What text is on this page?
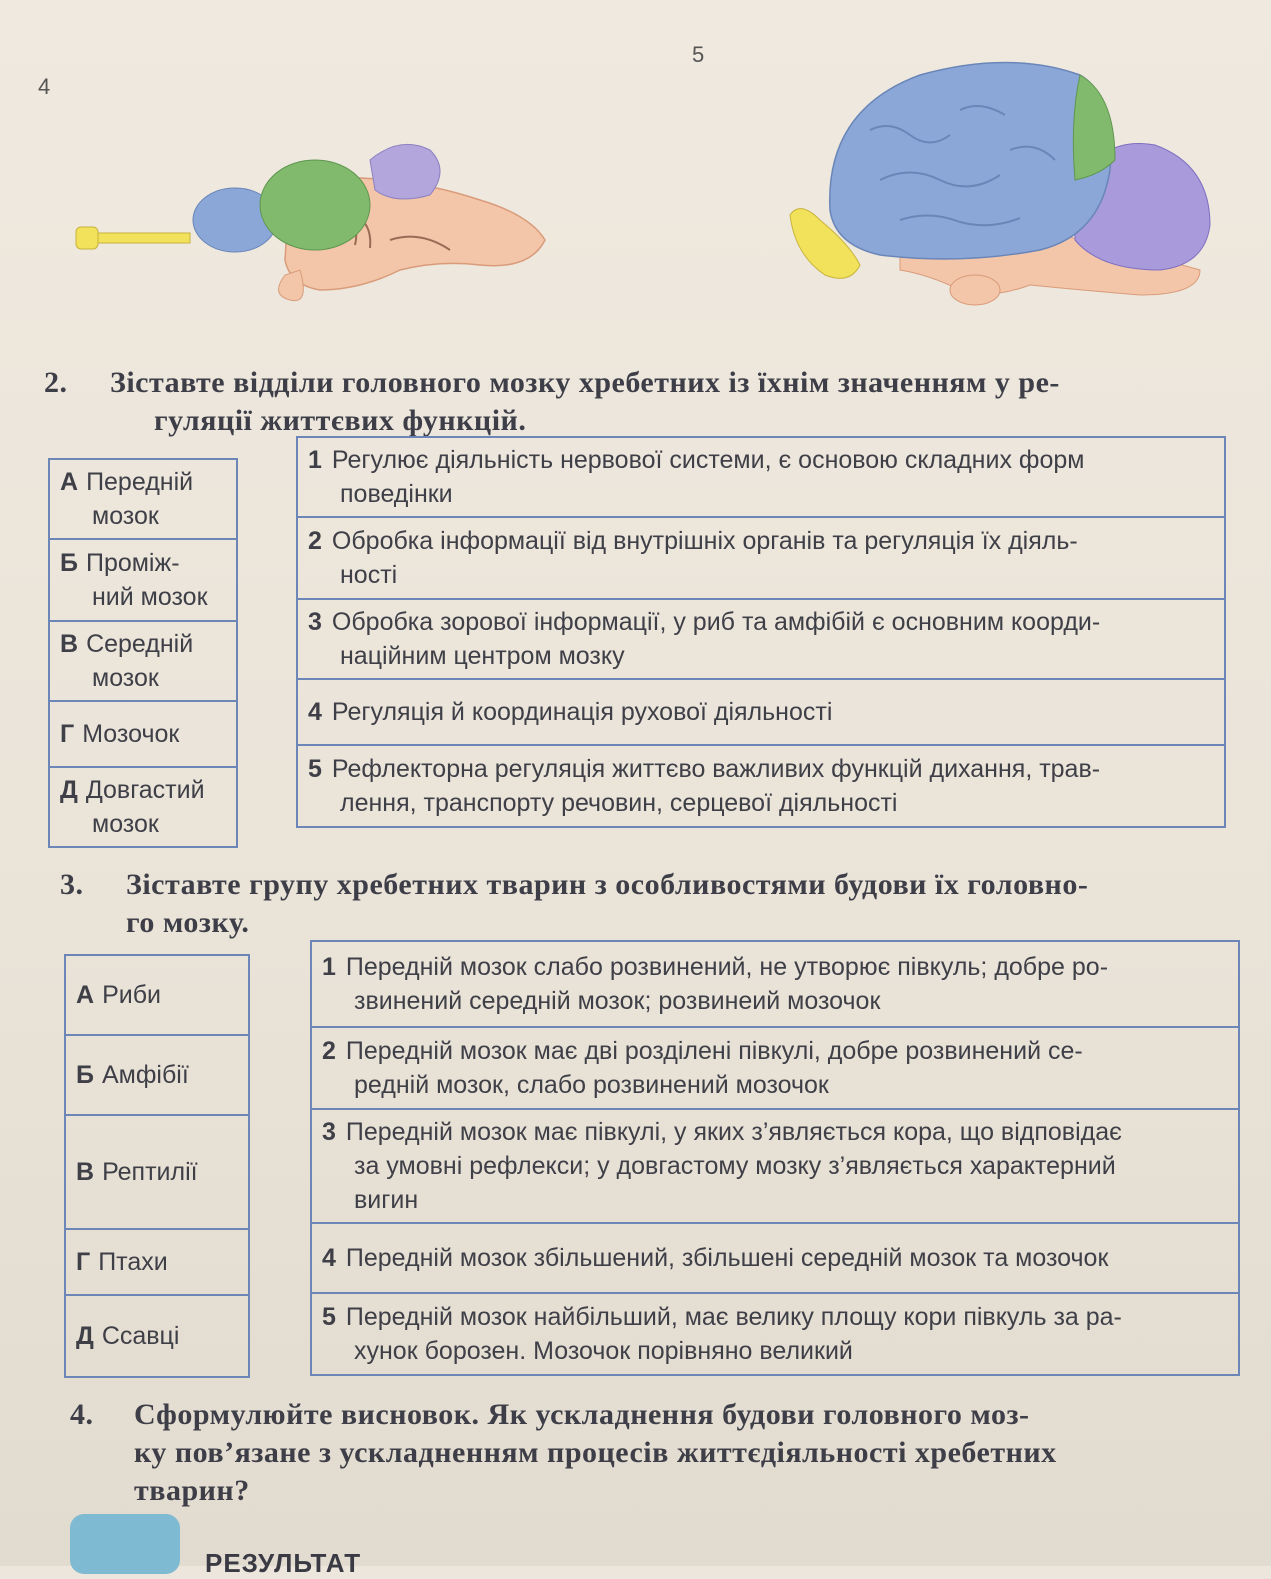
4
5
2. Зіставте відділи головного мозку хребетних із їхнім значенням у ре-
гуляції життєвих функцій.
А Передній
мозок
Б Проміж-
ний мозок
В Середній
мозок
Г Мозочок
Д Довгастий
мозок
1 Регулює діяльність нервової системи, є основою складних форм
поведінки
2 Обробка інформації від внутрішніх органів та регуляція їх діяль-
ності
3 Обробка зорової інформації, у риб та амфібій є основним коорди-
наційним центром мозку
4 Регуляція й координація рухової діяльності
5 Рефлекторна регуляція життєво важливих функцій дихання, трав-
лення, транспорту речовин, серцевої діяльності
3. Зіставте групу хребетних тварин з особливостями будови їх головно-
го мозку.
А Риби
Б Амфібії
В Рептилії
Г Птахи
Д Ссавці
1 Передній мозок слабо розвинений, не утворює півкуль; добре ро-
звинений середній мозок; розвинеий мозочок
2 Передній мозок має дві розділені півкулі, добре розвинений се-
редній мозок, слабо розвинений мозочок
3 Передній мозок має півкулі, у яких з’являється кора, що відповідає
за умовні рефлекси; у довгастому мозку з’являється характерний
вигин
4 Передній мозок збільшений, збільшені середній мозок та мозочок
5 Передній мозок найбільший, має велику площу кори півкуль за ра-
хунок борозен. Мозочок порівняно великий
4. Сформулюйте висновок. Як ускладнення будови головного моз-
ку пов’язане з ускладненням процесів життєдіяльності хребетних
тварин?
РЕЗУЛЬТАТ
